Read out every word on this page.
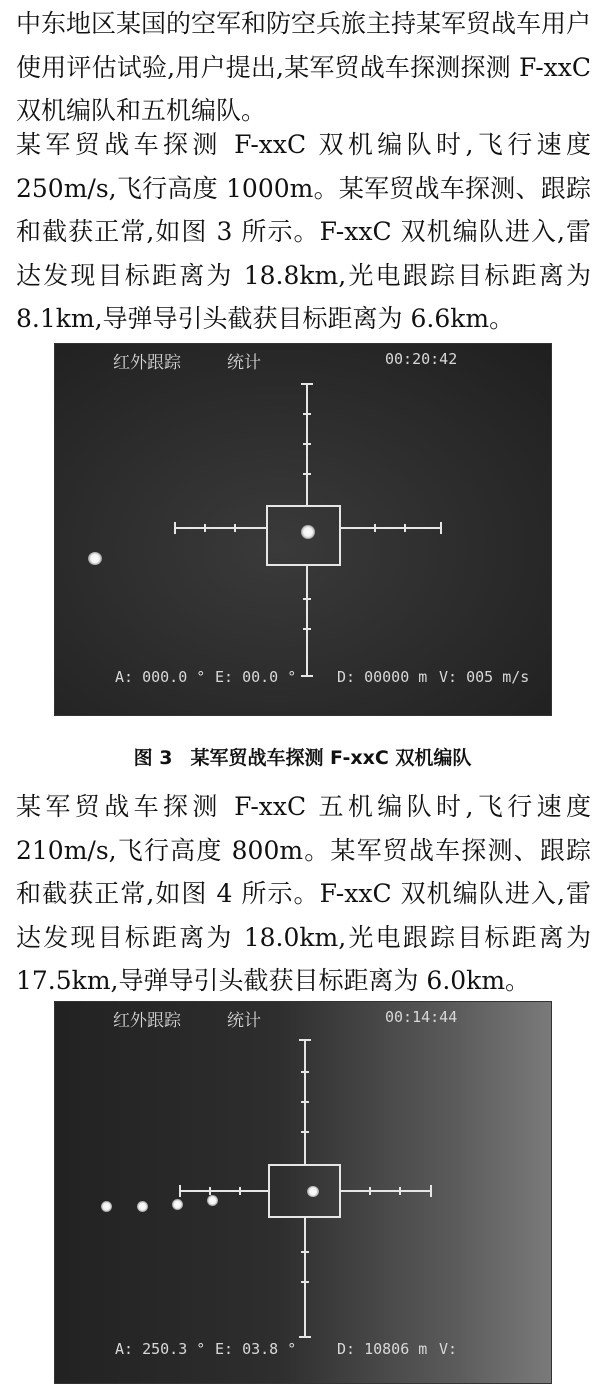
中东地区某国的空军和防空兵旅主持某军贸战车用户使用评估试验,用户提出,某军贸战车探测探测 F-xxC 双机编队和五机编队。

某军贸战车探测 F-xxC 双机编队时,飞行速度 250m/s,飞行高度 1000m。某军贸战车探测、跟踪和截获正常,如图 3 所示。F-xxC 双机编队进入,雷达发现目标距离为 18.8km,光电跟踪目标距离为 8.1km,导弹导引头截获目标距离为 6.6km。

红外跟踪	统计	00:20:42
A: 000.0 ° E: 00.0 °	D: 00000 m V: 005 m/s
图 3 某军贸战车探测 F-xxC 双机编队

某军贸战车探测 F-xxC 五机编队时,飞行速度 210m/s,飞行高度 800m。某军贸战车探测、跟踪和截获正常,如图 4 所示。F-xxC 双机编队进入,雷达发现目标距离为 18.0km,光电跟踪目标距离为 17.5km,导弹导引头截获目标距离为 6.0km。

红外跟踪	统计	00:14:44
A: 250.3 ° E: 03.8 °	D: 10806 m V:
